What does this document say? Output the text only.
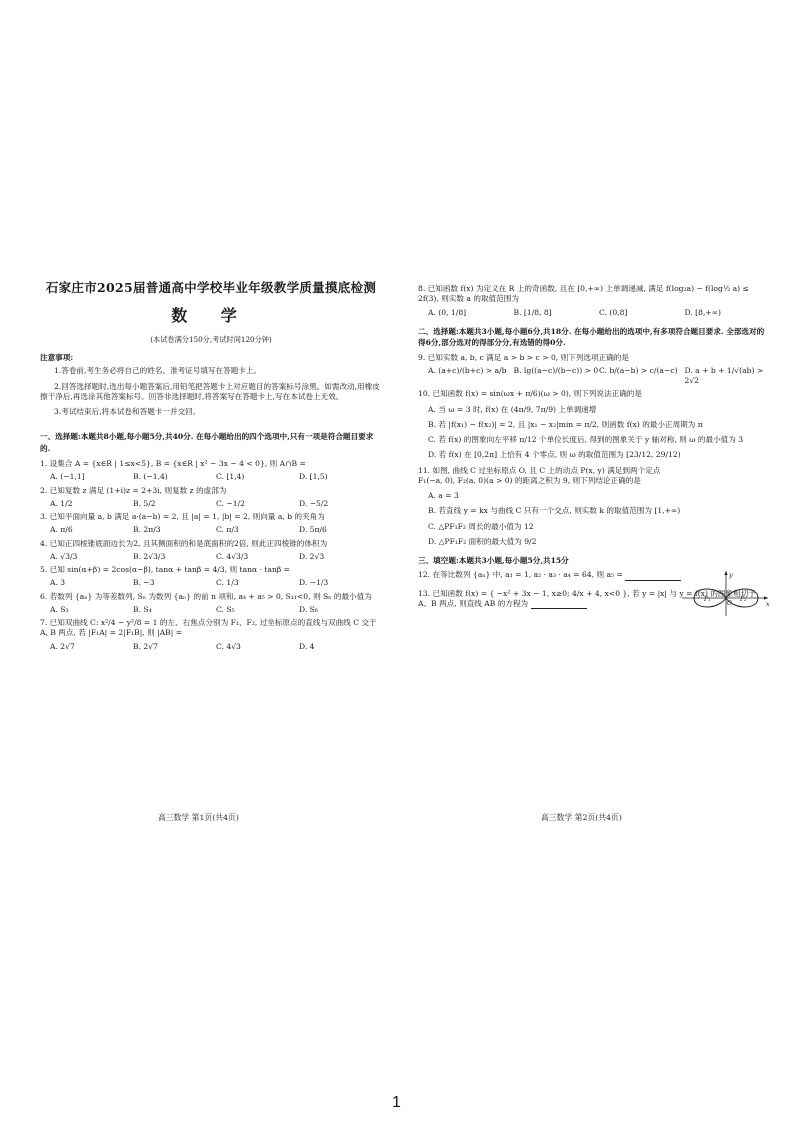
石家庄市2025届普通高中学校毕业年级教学质量摸底检测
数 学
(本试卷满分150分,考试时间120分钟)
注意事项:

1.答卷前,考生务必将自己的姓名、准考证号填写在答题卡上。

2.回答选择题时,选出每小题答案后,用铅笔把答题卡上对应题目的答案标号涂黑。如需改动,用橡皮擦干净后,再选涂其他答案标号。回答非选择题时,将答案写在答题卡上,写在本试卷上无效。

3.考试结束后,将本试卷和答题卡一并交回。

一、选择题:本题共8小题,每小题5分,共40分. 在每小题给出的四个选项中,只有一项是符合题目要求的.
1. 设集合 A = {x∈R | 1≤x<5}, B = {x∈R | x² − 3x − 4 < 0}, 则 A∩B =
A. (−1,1]	B. (−1,4)	C. [1,4)	D. [1,5)
2. 已知复数 z 满足 (1+i)z = 2+3i, 则复数 z 的虚部为
A. 1/2	B. 5/2	C. −1/2	D. −5/2
3. 已知平面向量 a, b 满足 a·(a−b) = 2, 且 |a| = 1, |b| = 2, 则向量 a, b 的夹角为
A. π/6	B. 2π/3	C. π/3	D. 5π/6
4. 已知正四棱锥底面边长为2, 且其侧面积的和是底面积的2倍, 则此正四棱锥的体积为
A. √3/3	B. 2√3/3	C. 4√3/3	D. 2√3
5. 已知 sin(α+β) = 2cos(α−β), tanα + tanβ = 4/3, 则 tanα · tanβ =
A. 3	B. −3	C. 1/3	D. −1/3
6. 若数列 {aₙ} 为等差数列, Sₙ 为数列 {aₙ} 的前 n 项和, a₄ + a₅ > 0, S₁₁<0, 则 Sₙ 的最小值为
A. S₃	B. S₄	C. S₅	D. S₆
7. 已知双曲线 C: x²/4 − y²/8 = 1 的左、右焦点分别为 F₁、F₂, 过坐标原点的直线与双曲线 C 交于 A, B 两点, 若 |F₁A| = 2|F₁B|, 则 |AB| =
A. 2√7	B. 2√7	C. 4√3	D. 4
8. 已知函数 f(x) 为定义在 R 上的奇函数, 且在 [0,+∞) 上单调递减, 满足 f(log₂a) − f(log½ a) ≤ 2f(3), 则实数 a 的取值范围为
A. (0, 1/8]	B. [1/8, 8]	C. (0,8]	D. [8,+∞)
二、选择题:本题共3小题,每小题6分,共18分. 在每小题给出的选项中,有多项符合题目要求. 全部选对的得6分,部分选对的得部分分,有选错的得0分.
9. 已知实数 a, b, c 满足 a > b > c > 0, 则下列选项正确的是
A. (a+c)/(b+c) > a/b B. lg((a−c)/(b−c)) > 0 C. b/(a−b) > c/(a−c) D. a + b + 1/√(ab) > 2√2
10. 已知函数 f(x) = sin(ωx + π/6)(ω > 0), 则下列说法正确的是
A. 当 ω = 3 时, f(x) 在 (4π/9, 7π/9) 上单调递增
B. 若 |f(x₁) − f(x₂)| = 2, 且 |x₁ − x₂|min = π/2, 则函数 f(x) 的最小正周期为 π
C. 若 f(x) 的图象向左平移 π/12 个单位长度后, 得到的图象关于 y 轴对称, 则 ω 的最小值为 3
D. 若 f(x) 在 [0,2π] 上恰有 4 个零点, 则 ω 的取值范围为 [23/12, 29/12)
11. 如图, 曲线 C 过坐标原点 O, 且 C 上的动点 P(x, y) 满足到两个定点 F₁(−a, 0), F₂(a, 0)(a > 0) 的距离之积为 9, 则下列结论正确的是
A. a = 3
B. 若直线 y = kx 与曲线 C 只有一个交点, 则实数 k 的取值范围为 [1,+∞)
C. △PF₁F₂ 周长的最小值为 12
D. △PF₁F₂ 面积的最大值为 9/2
三、填空题:本题共3小题,每小题5分,共15分
12. 在等比数列 {aₙ} 中, a₁ = 1, a₂ · a₃ · a₄ = 64, 则 a₅ =
13. 已知函数 f(x) = { −x² + 3x − 1, x≥0; 4/x + 4, x<0 }, 若 y = |x| 与 y = f(x) 的图象相切于 A、B 两点, 则直线 AB 的方程为
y
x
O
F₁	F₂
高三数学 第1页(共4页)	高三数学 第2页(共4页)
1
